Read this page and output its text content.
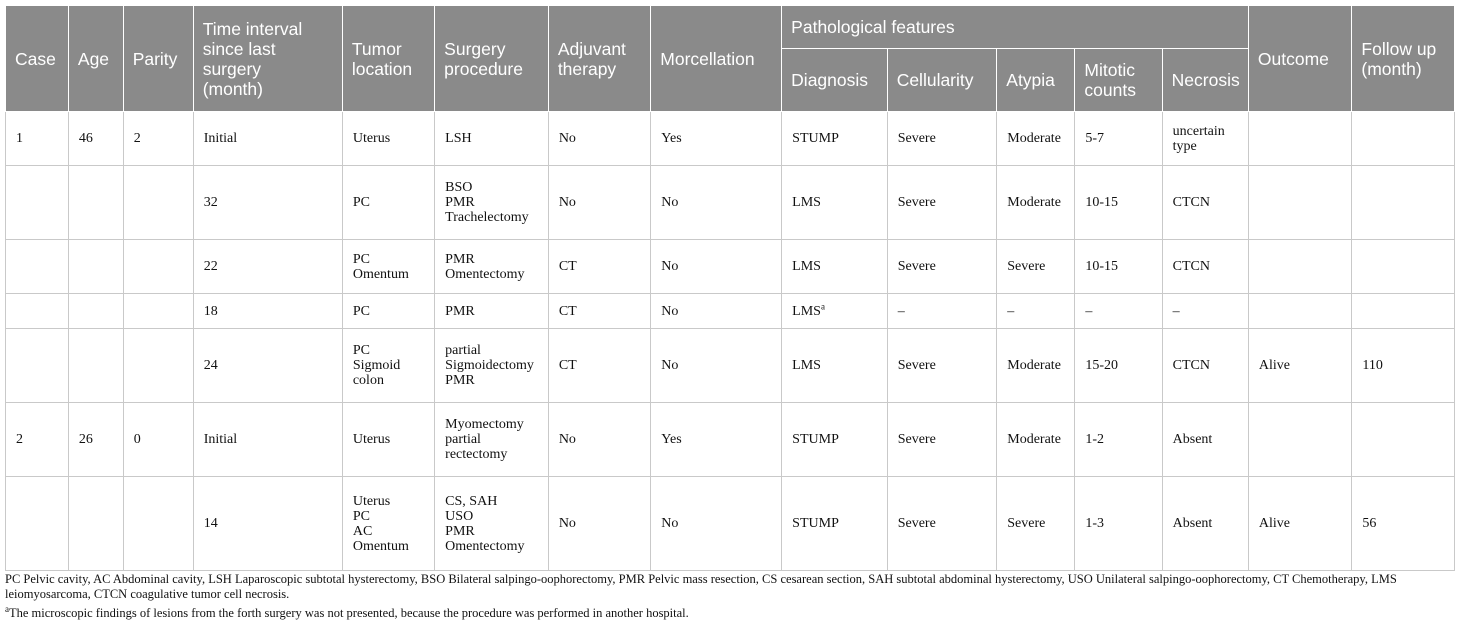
Case	Age	Parity	Time interval
since last
surgery
(month)	Tumor
location	Surgery
procedure	Adjuvant
therapy	Morcellation	Pathological features					Outcome	Follow up
(month)

								Diagnosis	Cellularity	Atypia	Mitotic
counts	Necrosis		
1	46	2	Initial	Uterus	LSH	No	Yes	STUMP	Severe	Moderate	5-7	uncertain
type		

			32	PC	BSO
PMR
Trachelectomy	No	No	LMS	Severe	Moderate	10-15	CTCN		

			22	PC
Omentum	PMR
Omentectomy	CT	No	LMS	Severe	Severe	10-15	CTCN		

			18	PC	PMR	CT	No	LMS$^a$	–	–	–	–		

			24	PC
Sigmoid
colon	partial
Sigmoidectomy
PMR	CT	No	LMS	Severe	Moderate	15-20	CTCN	Alive	110
2	26	0	Initial	Uterus	Myomectomy
partial
rectectomy	No	Yes	STUMP	Severe	Moderate	1-2	Absent		

			14	Uterus
PC
AC
Omentum	CS, SAH
USO
PMR
Omentectomy	No	No	STUMP	Severe	Severe	1-3	Absent	Alive	56

PC Pelvic cavity, AC Abdominal cavity, LSH Laparoscopic subtotal hysterectomy, BSO Bilateral salpingo-oophorectomy, PMR Pelvic mass resection, CS cesarean section, SAH subtotal abdominal hysterectomy, USO Unilateral salpingo-oophorectomy, CT Chemotherapy, LMS leiomyosarcoma, CTCN coagulative tumor cell necrosis.

$^a$The microscopic findings of lesions from the forth surgery was not presented, because the procedure was performed in another hospital.
